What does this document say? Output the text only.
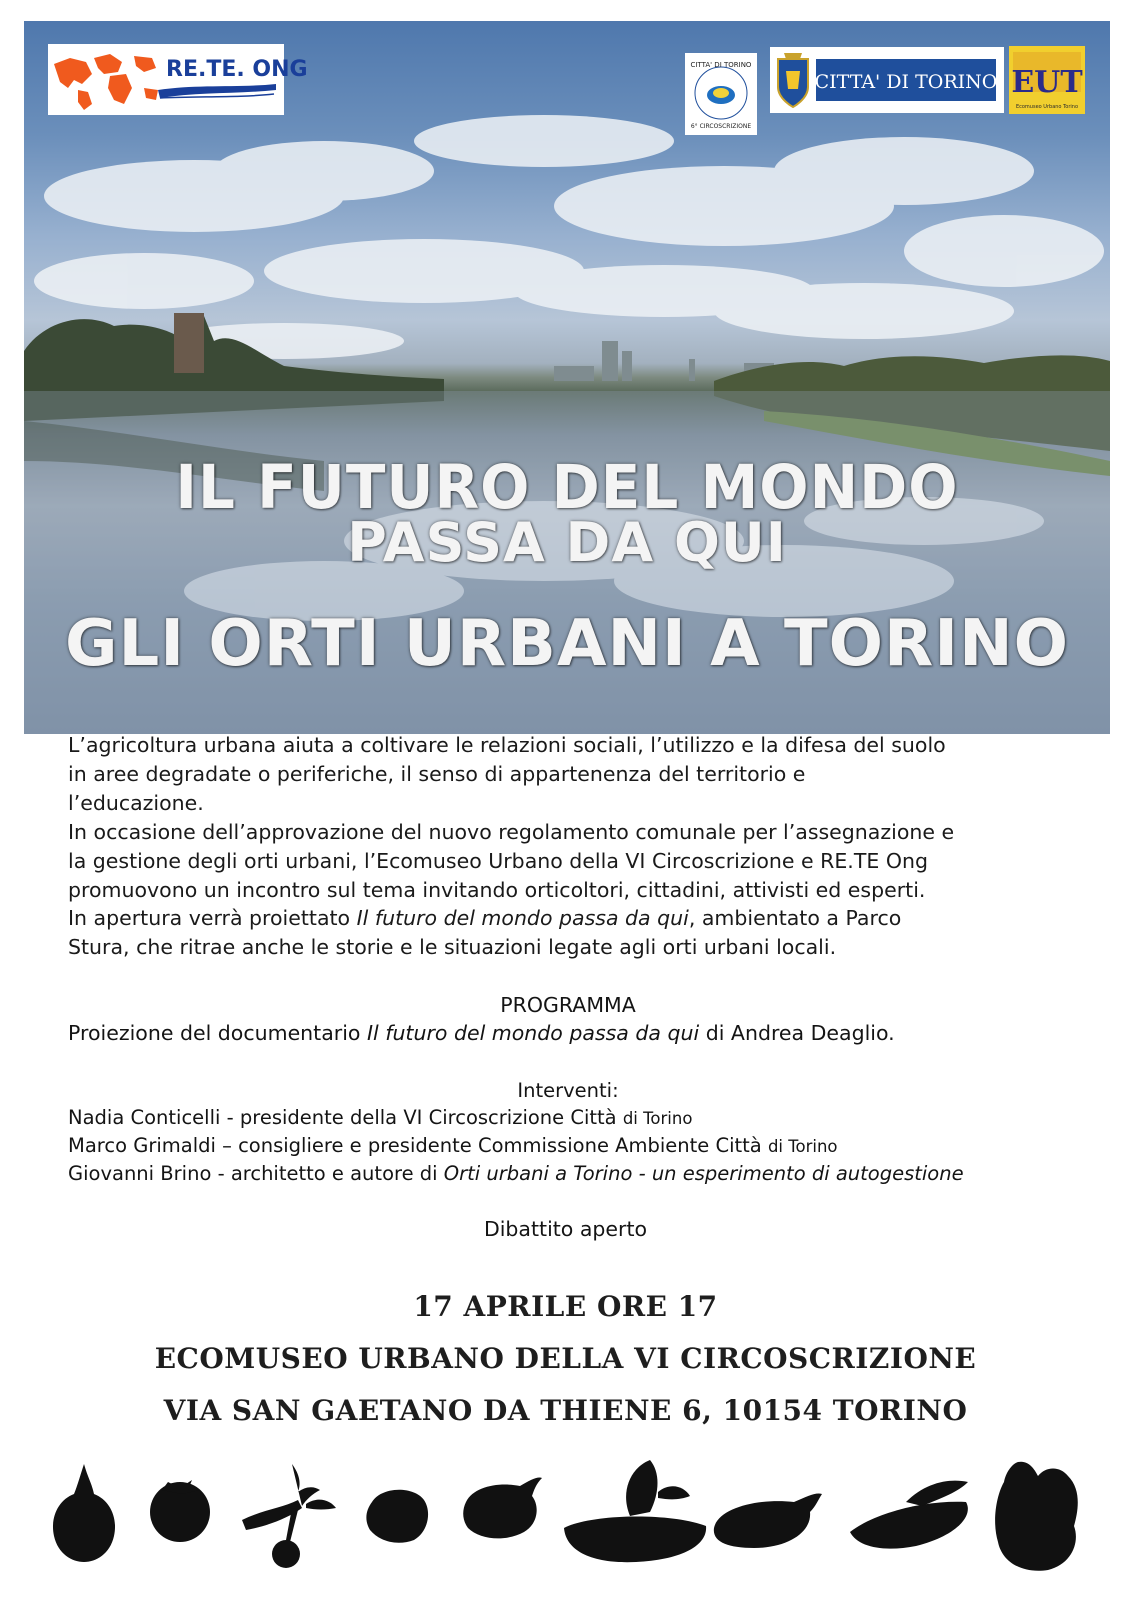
RE.TE. ONG	CITTA' DI TORINO
6° CIRCOSCRIZIONE
CITTA' DI TORINO EUT
Ecomuseo Urbano Torino
IL FUTURO DEL MONDO
PASSA DA QUI
GLI ORTI URBANI A TORINO
L’agricoltura urbana aiuta a coltivare le relazioni sociali, l’utilizzo e la difesa del suolo
in aree degradate o periferiche, il senso di appartenenza del territorio e
l’educazione.
In occasione dell’approvazione del nuovo regolamento comunale per l’assegnazione e
la gestione degli orti urbani, l’Ecomuseo Urbano della VI Circoscrizione e RE.TE Ong
promuovono un incontro sul tema invitando orticoltori, cittadini, attivisti ed esperti.
In apertura verrà proiettato Il futuro del mondo passa da qui, ambientato a Parco
Stura, che ritrae anche le storie e le situazioni legate agli orti urbani locali.
PROGRAMMA
Proiezione del documentario Il futuro del mondo passa da qui di Andrea Deaglio.
Interventi:
Nadia Conticelli - presidente della VI Circoscrizione Città di Torino
Marco Grimaldi – consigliere e presidente Commissione Ambiente Città di Torino
Giovanni Brino - architetto e autore di Orti urbani a Torino - un esperimento di autogestione
Dibattito aperto
17 APRILE ORE 17
ECOMUSEO URBANO DELLA VI CIRCOSCRIZIONE
VIA SAN GAETANO DA THIENE 6, 10154 TORINO
